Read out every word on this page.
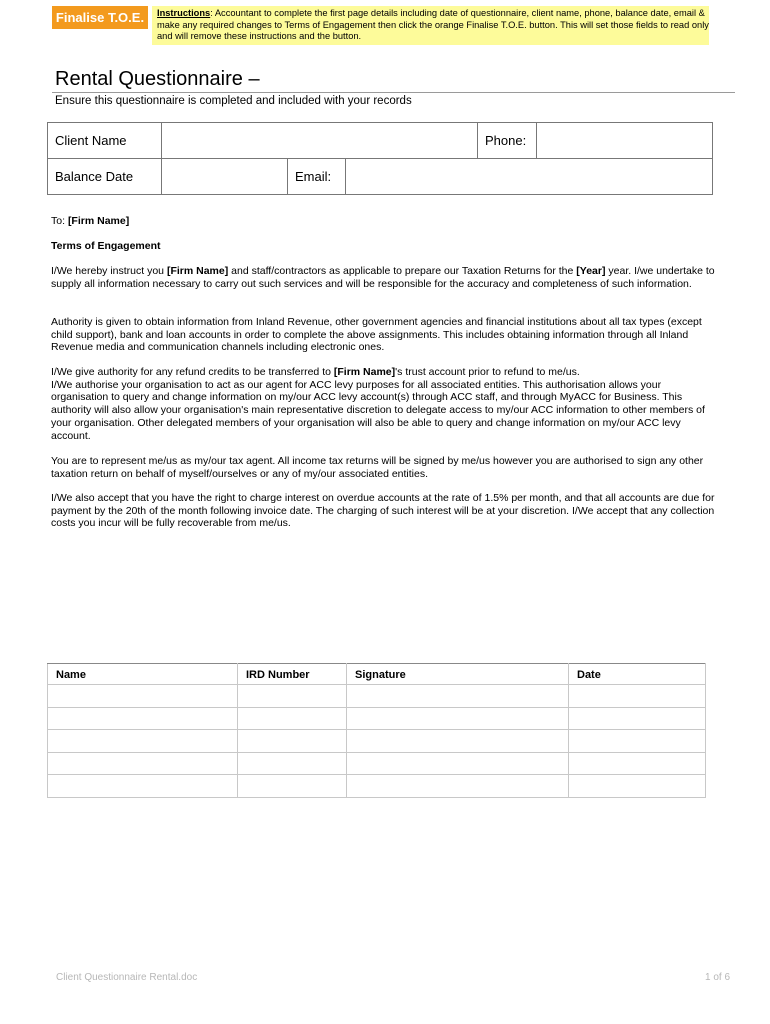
Finalise T.O.E.	Instructions: Accountant to complete the first page details including date of questionnaire, client name, phone, balance date, email & make any required changes to Terms of Engagement then click the orange Finalise T.O.E. button. This will set those fields to read only and will remove these instructions and the button.
Rental Questionnaire –
Ensure this questionnaire is completed and included with your records
Client Name				Phone:	
Balance Date		Email:			
To: [Firm Name]
Terms of Engagement

I/We hereby instruct you [Firm Name] and staff/contractors as applicable to prepare our Taxation Returns for the [Year] year. I/we undertake to supply all information necessary to carry out such services and will be responsible for the accuracy and completeness of such information.

Authority is given to obtain information from Inland Revenue, other government agencies and financial institutions about all tax types (except child support), bank and loan accounts in order to complete the above assignments. This includes obtaining information through all Inland Revenue media and communication channels including electronic ones.

I/We give authority for any refund credits to be transferred to [Firm Name]'s trust account prior to refund to me/us.
I/We authorise your organisation to act as our agent for ACC levy purposes for all associated entities. This authorisation allows your organisation to query and change information on my/our ACC levy account(s) through ACC staff, and through MyACC for Business. This authority will also allow your organisation's main representative discretion to delegate access to my/our ACC information to other members of your organisation. Other delegated members of your organisation will also be able to query and change information on my/our ACC levy account.

You are to represent me/us as my/our tax agent. All income tax returns will be signed by me/us however you are authorised to sign any other taxation return on behalf of myself/ourselves or any of my/our associated entities.

I/We also accept that you have the right to charge interest on overdue accounts at the rate of 1.5% per month, and that all accounts are due for payment by the 20th of the month following invoice date. The charging of such interest will be at your discretion. I/We accept that any collection costs you incur will be fully recoverable from me/us.

Name	IRD Number	Signature	Date

Client Questionnaire Rental.doc	1 of 6
